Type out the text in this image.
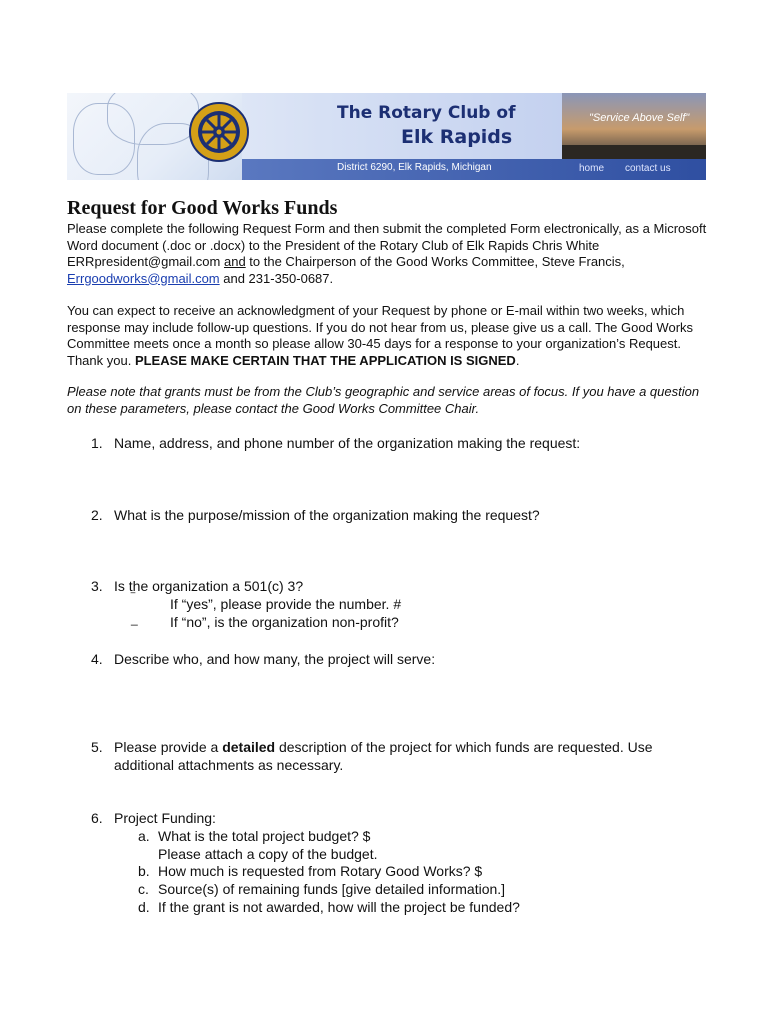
The Rotary Club of
Elk Rapids
"Service Above Self"
District 6290, Elk Rapids, Michigan	home contact us
Request for Good Works Funds

Please complete the following Request Form and then submit the completed Form electronically, as a Microsoft Word document (.doc or .docx) to the President of the Rotary Club of Elk Rapids Chris White ERRpresident@gmail.com and to the Chairperson of the Good Works Committee, Steve Francis, Errgoodworks@gmail.com and 231-350-0687.

You can expect to receive an acknowledgment of your Request by phone or E-mail within two weeks, which response may include follow-up questions. If you do not hear from us, please give us a call. The Good Works Committee meets once a month so please allow 30-45 days for a response to your organization’s Request. Thank you. PLEASE MAKE CERTAIN THAT THE APPLICATION IS SIGNED.

Please note that grants must be from the Club’s geographic and service areas of focus. If you have a question on these parameters, please contact the Good Works Committee Chair.

1. Name, address, and phone number of the organization making the request:
2. What is the purpose/mission of the organization making the request?
3. Is the organization a 501(c) 3?
‾	If “yes”, please provide the number. #
_ If “no”, is the organization non-profit?
4. Describe who, and how many, the project will serve:
5. Please provide a detailed description of the project for which funds are requested. Use additional attachments as necessary.
6. Project Funding:
a. What is the total project budget? $
Please attach a copy of the budget.
b. How much is requested from Rotary Good Works? $
c. Source(s) of remaining funds [give detailed information.]
d. If the grant is not awarded, how will the project be funded?
